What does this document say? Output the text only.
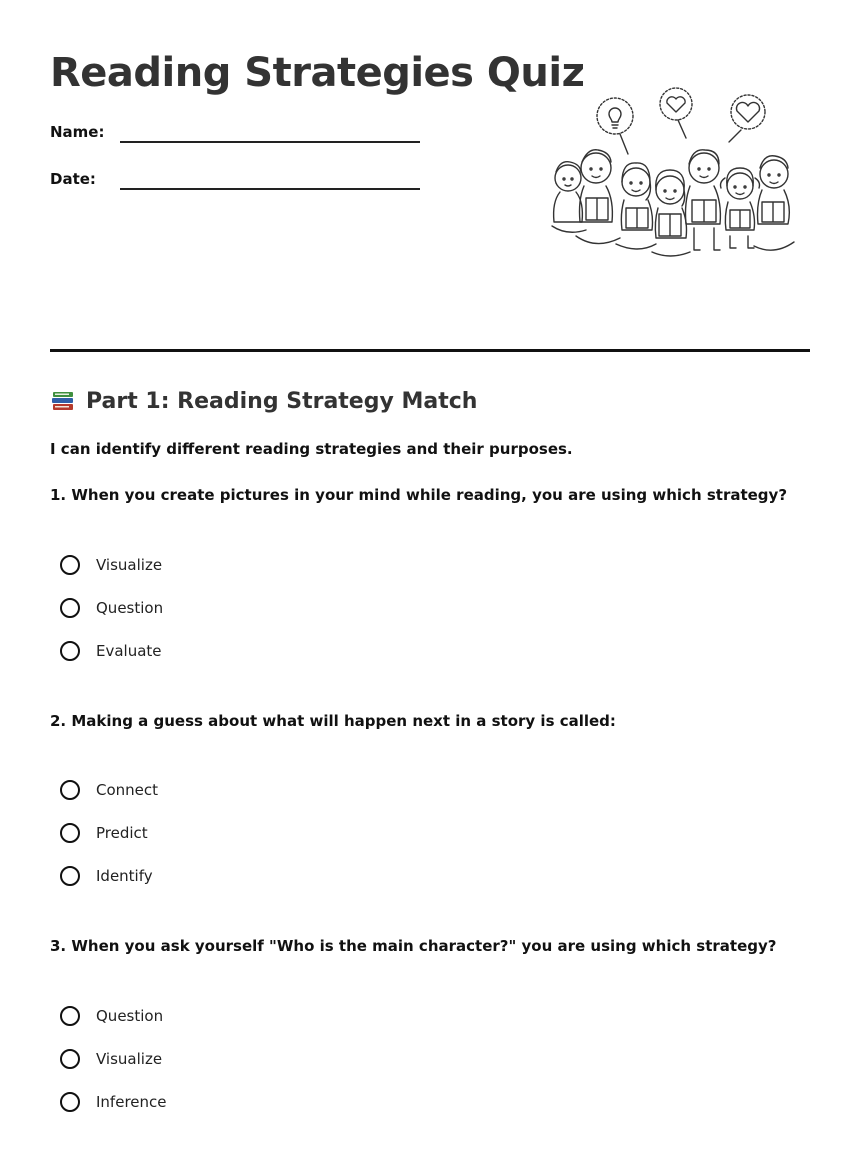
Reading Strategies Quiz
Name:
Date:
Part 1: Reading Strategy Match
I can identify different reading strategies and their purposes.
1. When you create pictures in your mind while reading, you are using which strategy?
Visualize
Question
Evaluate
2. Making a guess about what will happen next in a story is called:
Connect
Predict
Identify
3. When you ask yourself "Who is the main character?" you are using which strategy?
Question
Visualize
Inference
